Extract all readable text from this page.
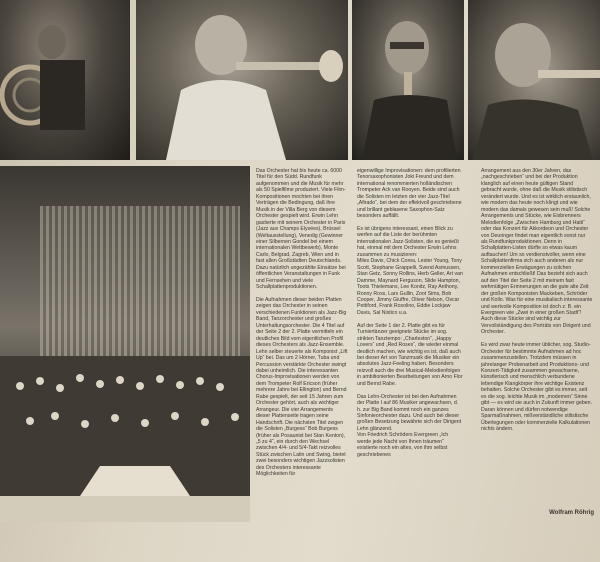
Das Orchester hat bis heute ca. 6000 Titel für den Südd. Rundfunk aufgenommen und die Musik für mehr als 50 Spielfilme produziert. Viele Film-Kompositionen mochten bei ihren Verträgen die Bedingung, daß ihre Musik in der Villa Berg von diesem Orchester gespielt wird. Erwin Lehn gastierte mit seinem Orchester in Paris (Jazz aux Champs Elysées), Brüssel (Weltausstellung), Venedig (Gewinner einer Silbernen Gondel bei einem internationalen Wettbewerb), Monte Carlo, Belgrad, Zagreb, Wien und in fast allen Großstädten Deutschlands. Dazu natürlich ungezählte Einsätze bei öffentlichen Veranstaltungen in Funk und Fernsehen und viele Schallplattenproduktionen.

Die Aufnahmen dieser beiden Platten zeigen das Orchester in seinen verschiedenen Funktionen als Jazz-Big Band, Tanzorchester und großes Unterhaltungsorchester. Die 4 Titel auf der Seite 2 der 2. Platte vermitteln ein deutliches Bild vom eigentlichen Profil dieses Orchesters als Jazz-Ensemble. Lehn selber steuerte als Komponist „Lift Up“ bei. Das um 2 Hörner, Tuba und Percussion verstärkte Orchester swingt dabei unheimlich. Die interessanten Chorus-Improvisationen werden von dem Trompeter Rolf Ericson (früher mehrere Jahre bei Ellington) und Bernd Rabe gespielt, der seit 15 Jahren zum Orchester gehört, auch als wichtiger Arrangeur. Die vier Arrangements dieser Plattenseite tragen seine Handschrift. Die nächsten Titel zeigen die Solisten „Burgess“ Bob Burgess (früher als Posaunist bei Stan Kenton), „5 zu 4“, ein durch den Wechsel zwischen 4/4- und 5/4-Takt reizvolles Stück zwischen Latin und Swing, bietet zwei besonders wichtigen Jazzsolisten des Orchesters interessante Möglichkeiten für

eigenwillige Improvisationen: dem profilierten Tenorsaxophonisten Joki Freund und dem international renommierten holländischen Trompeter Ack van Rooyen. Beide sind auch die Solisten im letzten der vier Jazz-Titel „Afirado“, bei dem der effektvoll geschriebene und brillant geblasene Saxophon-Satz besonders auffällt.

Es ist übrigens interessant, einen Blick zu werfen auf die Liste der berühmten internationalen Jazz-Solisten, die es genießt hat, einmal mit dem Orchester Erwin Lehns zusammen zu musizieren:
Miles Davis, Chick Corea, Lester Young, Tony Scott, Stephane Grappelli, Svend Asmussen, Stan Getz, Sonny Rollins, Herb Geller, Art van Damme, Maynard Ferguson, Slide Hampton, Toots Thielemans, Lee Konitz, Ray Anthony, Ronny Ross, Lars Gullin, Zoot Sims, Bob Cooper, Jimmy Giuffre, Oliver Nelson, Oscar Pettiford, Frank Rosolino, Eddie Lockjaw Davis, Sal Nistico u.a.

Auf der Seite 1 der 2. Platte gibt es für Turniertänzer geeignete Stücke im sog. strikten Tanztempo: „Charleston“, „Happy Lovers“ und „Red Roses“, die wieder einmal deutlich machen, wie wichtig es ist, daß auch bei dieser Art von Tanzmusik die Musiker ein absolutes Jazz-Feeling haben. Besonders reizvoll auch die drei Musical-Melodienfolgen in ambitionierten Bearbeitungen von Arno Flor und Bernd Rabe.

Das Lehn-Orchester ist bei den Aufnahmen der Platte I auf 86 Musiker angewachsen, d. h. zur Big Band kommt noch ein ganzes Sinfonieorchester dazu. Und auch bei dieser großen Besetzung bewährte sich der Dirigent Lehn glänzend.
Von Friedrich Schröders Evergreen „Ich werde jede Nacht von Ihnen träumen“ existierte noch ein altes, von ihm selbst geschriebenes

Arrangement aus den 30er Jahren, das „nachgeschrieben“ und bei der Produktion klanglich auf einen heute gültigen Stand gebracht wurde, ohne daß die Musik stilistisch verändert wurde. Und es ist wirklich erstaunlich, wie modern das heute noch klingt und wie modern das damals gewesen sein muß! Solche Arrangements und Stücke, wie Eisbrenners Melodienfolge „Zwischen Hamburg und Haiti“ oder das Konzert für Akkordeon und Orchester von Deuringer findet man eigentlich sonst nur als Rundfunkproduktionen. Denn in Schallplatten-Listen dürfte so etwas kaum auftauchen! Um so verdienstvoller, wenn eine Schallplattenfirma sich auch anderen als nur kommerziellen Erwägungen zu solchen Aufnahmen entschließt! Das bezieht sich auch auf den Titel der Seite 2 mit meinem fast wehmütigen Erinnerungen an die gute alte Zeit der großen Komponisten Mackeben, Schröder und Kollo. Was für eine musikalisch interessante und wertvolle Komposition ist doch z. B. ein Evergreen wie „Zwei in einer großen Stadt“!
Auch diese Stücke sind wichtig zur Vervollständigung des Porträts von Dirigent und Orchester.

Es wird zwar heute immer üblicher, sog. Studio-Orchester für bestimmte Aufnahmen ad hoc zusammenzustellen. Trotzdem müssen in jahrelanger Probenarbeit und Produktions- und Konzert-Tätigkeit zusammen gewachsene, künstlerisch und menschlich verbundene lebendige Klangkörper ihre wichtige Existenz behalten. Solche Orchester gibt es immer, seit es die sog. leichte Musik im „modernen“ Sinne gibt — es wird sie auch in Zukunft immer geben.
Daran können und dürfen notwendige Sparmaßnahmen, mißverständliche stilistische Überlegungen oder kommerzielle Kalkulationen nichts ändern.

Wolfram Röhrig
